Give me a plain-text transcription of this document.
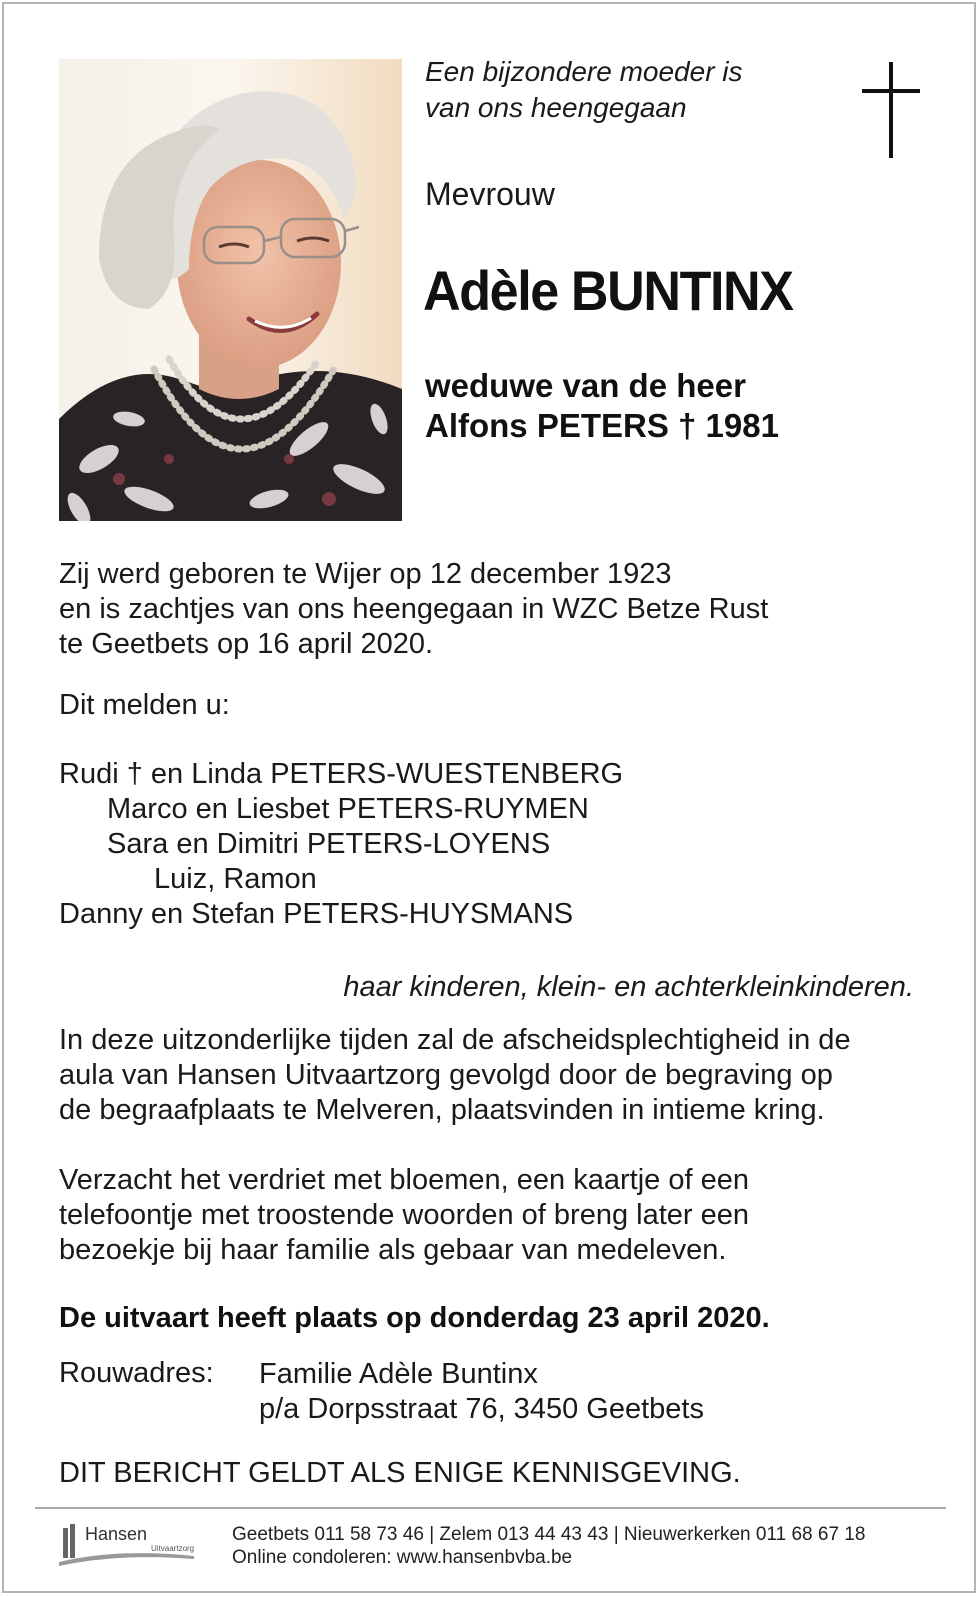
Een bijzondere moeder is
van ons heengegaan
Mevrouw
Adèle BUNTINX
weduwe van de heer
Alfons PETERS † 1981
Zij werd geboren te Wijer op 12 december 1923
en is zachtjes van ons heengegaan in WZC Betze Rust
te Geetbets op 16 april 2020.
Dit melden u:
Rudi † en Linda PETERS-WUESTENBERG
Marco en Liesbet PETERS-RUYMEN
Sara en Dimitri PETERS-LOYENS
Luiz, Ramon
Danny en Stefan PETERS-HUYSMANS
haar kinderen, klein- en achterkleinkinderen.
In deze uitzonderlijke tijden zal de afscheidsplechtigheid in de
aula van Hansen Uitvaartzorg gevolgd door de begraving op
de begraafplaats te Melveren, plaatsvinden in intieme kring.
Verzacht het verdriet met bloemen, een kaartje of een
telefoontje met troostende woorden of breng later een
bezoekje bij haar familie als gebaar van medeleven.
De uitvaart heeft plaats op donderdag 23 april 2020.
Rouwadres: Familie Adèle Buntinx
p/a Dorpsstraat 76, 3450 Geetbets
DIT BERICHT GELDT ALS ENIGE KENNISGEVING.
Hansen
Uitvaartzorg
Geetbets 011 58 73 46 | Zelem 013 44 43 43 | Nieuwerkerken 011 68 67 18
Online condoleren: www.hansenbvba.be
